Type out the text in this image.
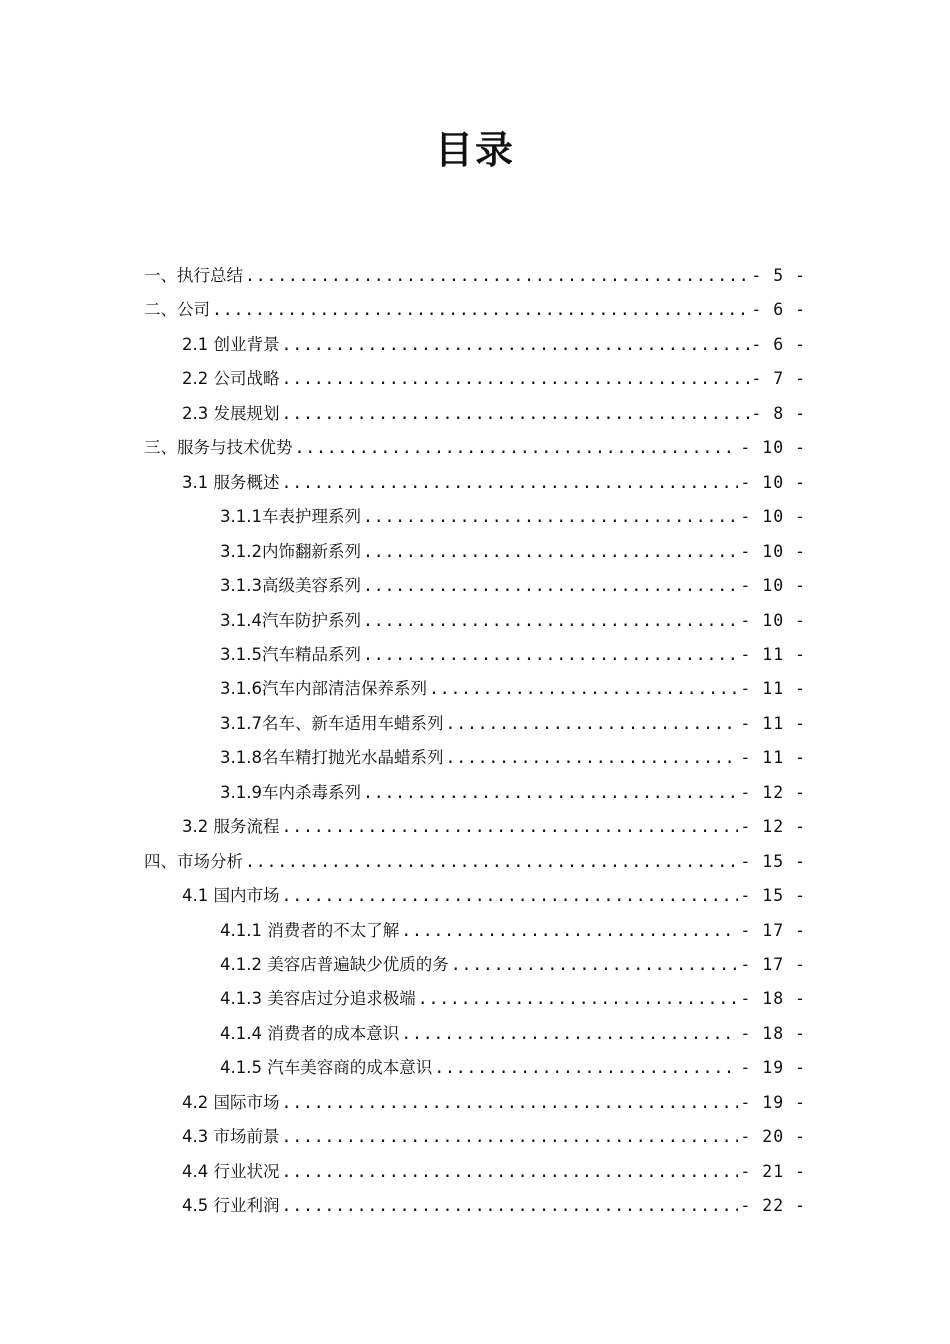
目录
一、执行总结 .....	- 5 -
二、公司 .....	- 6 -
2.1 创业背景 .....	- 6 -
2.2 公司战略 .....	- 7 -
2.3 发展规划 .....	- 8 -
三、服务与技术优势 .....	- 10 -
3.1 服务概述 .....	- 10 -
3.1.1车表护理系列 .....	- 10 -
3.1.2内饰翻新系列 .....	- 10 -
3.1.3高级美容系列 .....	- 10 -
3.1.4汽车防护系列 .....	- 10 -
3.1.5汽车精品系列 .....	- 11 -
3.1.6汽车内部清洁保养系列 .....	- 11 -
3.1.7名车、新车适用车蜡系列 .....	- 11 -
3.1.8名车精打抛光水晶蜡系列 .....	- 11 -
3.1.9车内杀毒系列 .....	- 12 -
3.2 服务流程 .....	- 12 -
四、市场分析 .....	- 15 -
4.1 国内市场 .....	- 15 -
4.1.1 消费者的不太了解 .....	- 17 -
4.1.2 美容店普遍缺少优质的务 .....	- 17 -
4.1.3 美容店过分追求极端 .....	- 18 -
4.1.4 消费者的成本意识 .....	- 18 -
4.1.5 汽车美容商的成本意识 .....	- 19 -
4.2 国际市场 .....	- 19 -
4.3 市场前景 .....	- 20 -
4.4 行业状况 .....	- 21 -
4.5 行业利润 .....	- 22 -
